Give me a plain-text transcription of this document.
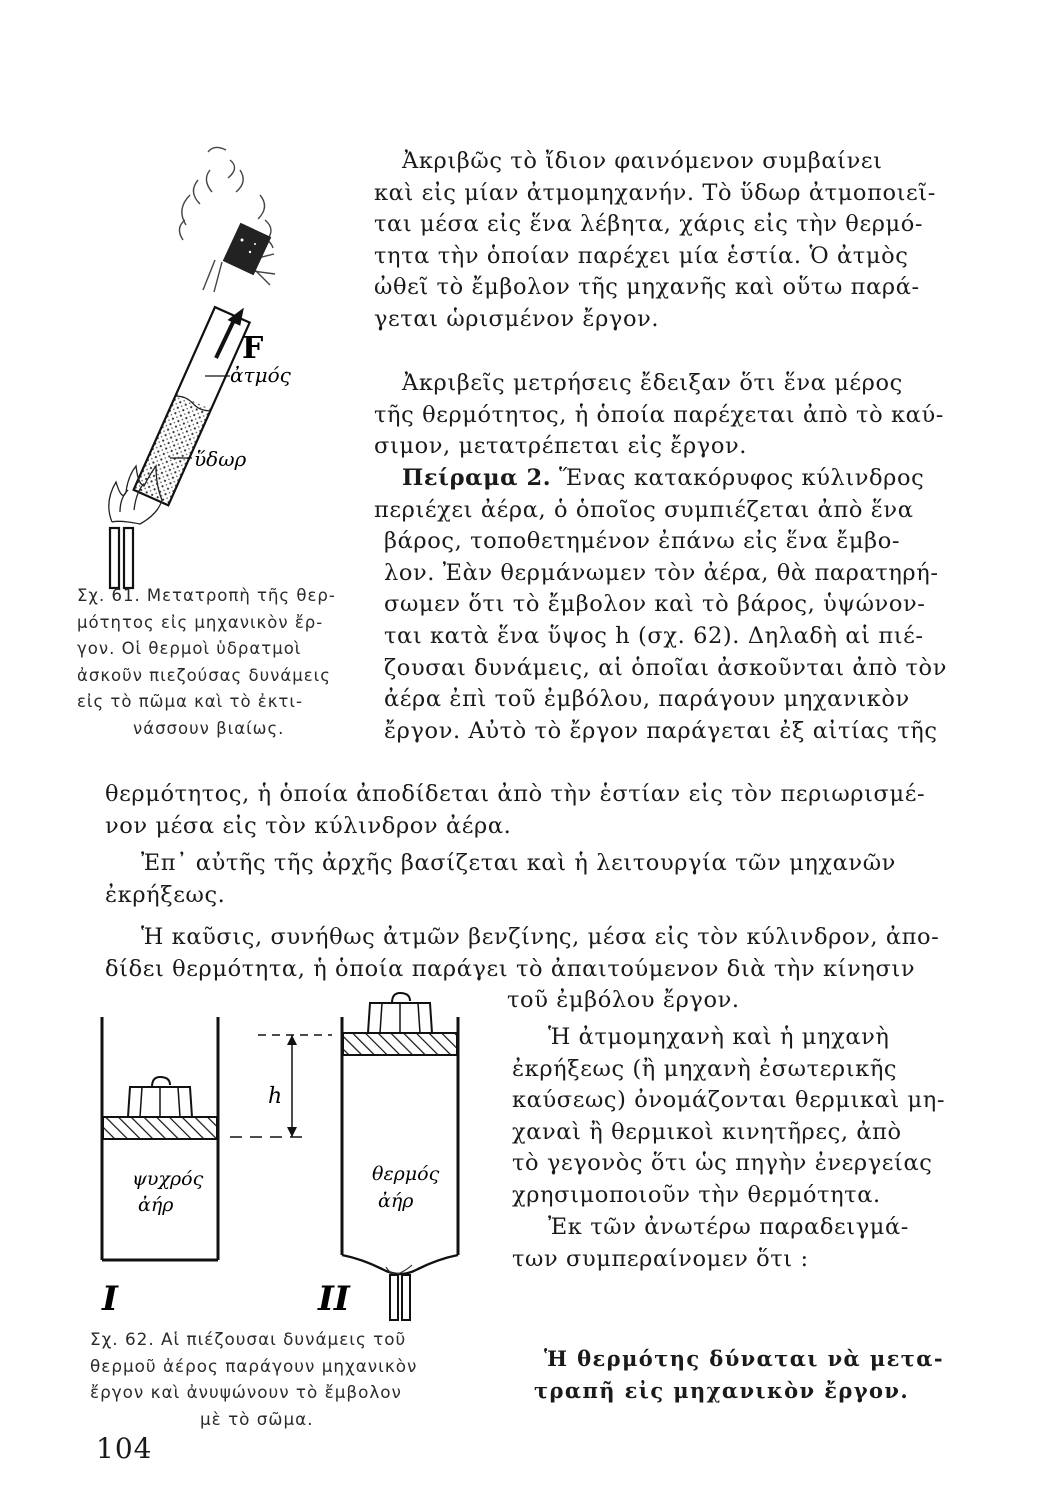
F
ἀτμός
ὕδωρ
Σχ. 61. Μετατροπὴ τῆς θερ-
μότητος εἰς μηχανικὸν ἔρ-
γον. Οἱ θερμοὶ ὑδρατμοὶ
ἀσκοῦν πιεζούσας δυνάμεις
εἰς τὸ πῶμα καὶ τὸ ἐκτι-
νάσσουν βιαίως.
Ἀκριβῶς τὸ ἴδιον φαινόμενον συμβαίνει
καὶ εἰς μίαν ἀτμομηχανήν. Τὸ ὕδωρ ἀτμοποιεῖ-
ται μέσα εἰς ἕνα λέβητα, χάρις εἰς τὴν θερμό-
τητα τὴν ὁποίαν παρέχει μία ἑστία. Ὁ ἀτμὸς
ὠθεῖ τὸ ἔμβολον τῆς μηχανῆς καὶ οὕτω παρά-
γεται ὡρισμένον ἔργον.
Ἀκριβεῖς μετρήσεις ἔδειξαν ὅτι ἕνα μέρος
τῆς θερμότητος, ἡ ὁποία παρέχεται ἀπὸ τὸ καύ-
σιμον, μετατρέπεται εἰς ἔργον.
Πείραμα 2. Ἕνας κατακόρυφος κύλινδρος
περιέχει ἀέρα, ὁ ὁποῖος συμπιέζεται ἀπὸ ἕνα
βάρος, τοποθετημένον ἐπάνω εἰς ἕνα ἔμβο-
λον. Ἐὰν θερμάνωμεν τὸν ἀέρα, θὰ παρατηρή-
σωμεν ὅτι τὸ ἔμβολον καὶ τὸ βάρος, ὑψώνον-
ται κατὰ ἕνα ὕψος h (σχ. 62). Δηλαδὴ αἱ πιέ-
ζουσαι δυνάμεις, αἱ ὁποῖαι ἀσκοῦνται ἀπὸ τὸν
ἀέρα ἐπὶ τοῦ ἐμβόλου, παράγουν μηχανικὸν
ἔργον. Αὐτὸ τὸ ἔργον παράγεται ἐξ αἰτίας τῆς
θερμότητος, ἡ ὁποία ἀποδίδεται ἀπὸ τὴν ἑστίαν εἰς τὸν περιωρισμέ-
νον μέσα εἰς τὸν κύλινδρον ἀέρα.
Ἐπ᾽ αὐτῆς τῆς ἀρχῆς βασίζεται καὶ ἡ λειτουργία τῶν μηχανῶν
ἐκρήξεως.
Ἡ καῦσις, συνήθως ἀτμῶν βενζίνης, μέσα εἰς τὸν κύλινδρον, ἀπο-
δίδει θερμότητα, ἡ ὁποία παράγει τὸ ἀπαιτούμενον διὰ τὴν κίνησιν
τοῦ ἐμβόλου ἔργον.
Ἡ ἀτμομηχανὴ καὶ ἡ μηχανὴ
ἐκρήξεως (ἢ μηχανὴ ἐσωτερικῆς
καύσεως) ὀνομάζονται θερμικαὶ μη-
χαναὶ ἢ θερμικοὶ κινητῆρες, ἀπὸ
τὸ γεγονὸς ὅτι ὡς πηγὴν ἐνεργείας
χρησιμοποιοῦν τὴν θερμότητα.
Ἐκ τῶν ἀνωτέρω παραδειγμά-
των συμπεραίνομεν ὅτι :
Ἡ θερμότης δύναται νὰ μετα-
τραπῆ εἰς μηχανικὸν ἔργον.
ψυχρός
ἀήρ
h
θερμός
ἀήρ
I	II
Σχ. 62. Αἱ πιέζουσαι δυνάμεις τοῦ
θερμοῦ ἀέρος παράγουν μηχανικὸν
ἔργον καὶ ἀνυψώνουν τὸ ἔμβολον
μὲ τὸ σῶμα.
104
